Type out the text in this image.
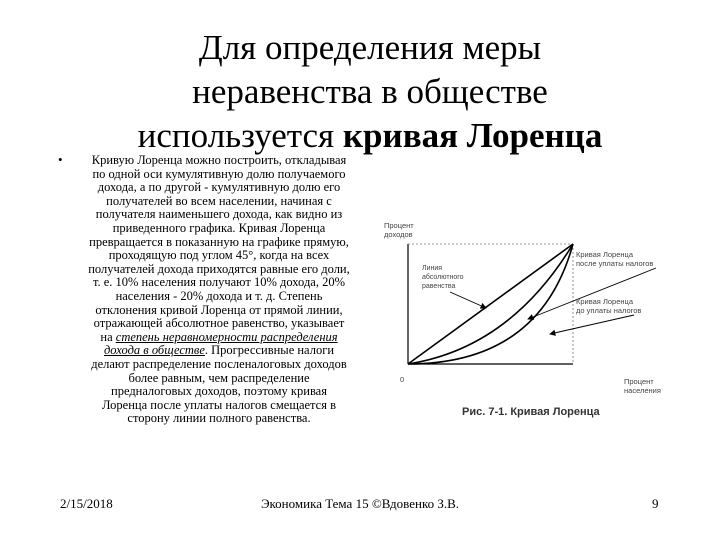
Для определения меры
неравенства в обществе
используется кривая Лоренца
•	Кривую Лоренца можно построить, откладывая по одной оси кумулятивную долю получаемого дохода, а по другой - кумулятивную долю его получателей во всем населении, начиная с получателя наименьшего дохода, как видно из приведенного графика. Кривая Лоренца превращается в показанную на графике прямую, проходящую под углом 45°, когда на всех получателей дохода приходятся равные его доли, т. е. 10% населения получают 10% дохода, 20% населения - 20% дохода и т. д. Степень отклонения кривой Лоренца от прямой линии, отражающей абсолютное равенство, указывает на степень неравномерности распределения дохода в обществе. Прогрессивные налоги делают распределение посленалоговых доходов более равным, чем распределение преднaлоговых доходов, поэтому кривая Лоренца после уплаты налогов смещается в сторону линии полного равенства.
Процент
доходов
0	Процент
населения
Линия
абсолютного
равенства
Кривая Лоренца
после уплаты налогов
Кривая Лоренца
до уплаты налогов
Рис. 7-1. Кривая Лоренца
2/15/2018	Экономика Тема 15 ©Вдовенко З.В.	9
